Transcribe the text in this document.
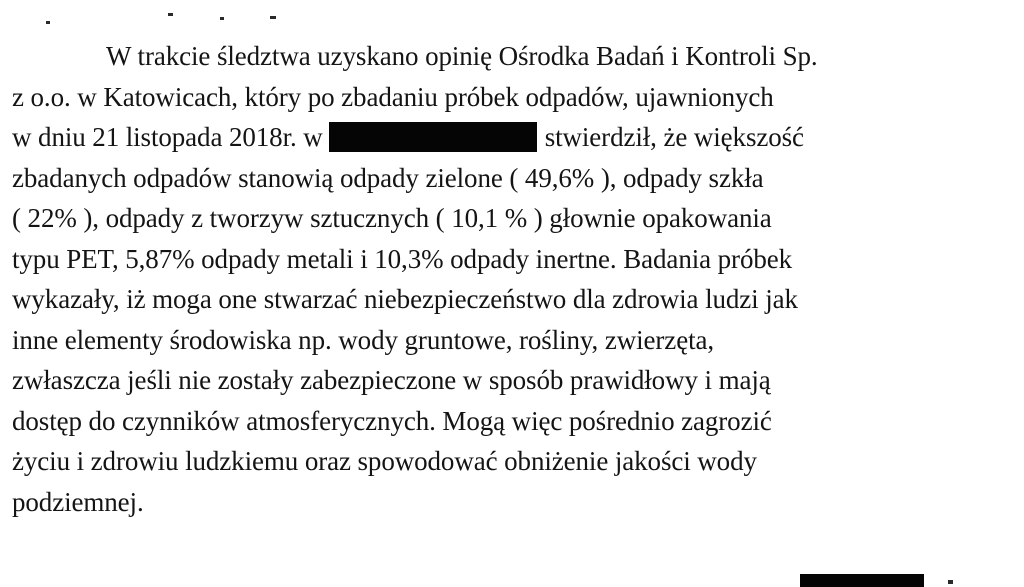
W trakcie śledztwa uzyskano opinię Ośrodka Badań i Kontroli Sp.
z o.o. w Katowicach, który po zbadaniu próbek odpadów, ujawnionych
w dniu 21 listopada 2018r. w	stwierdził, że większość
zbadanych odpadów stanowią odpady zielone ( 49,6% ), odpady szkła
( 22% ), odpady z tworzyw sztucznych ( 10,1 % ) głownie opakowania
typu PET, 5,87% odpady metali i 10,3% odpady inertne. Badania próbek
wykazały, iż moga one stwarzać niebezpieczeństwo dla zdrowia ludzi jak
inne elementy środowiska np. wody gruntowe, rośliny, zwierzęta,
zwłaszcza jeśli nie zostały zabezpieczone w sposób prawidłowy i mają
dostęp do czynników atmosferycznych. Mogą więc pośrednio zagrozić
życiu i zdrowiu ludzkiemu oraz spowodować obniżenie jakości wody
podziemnej.
